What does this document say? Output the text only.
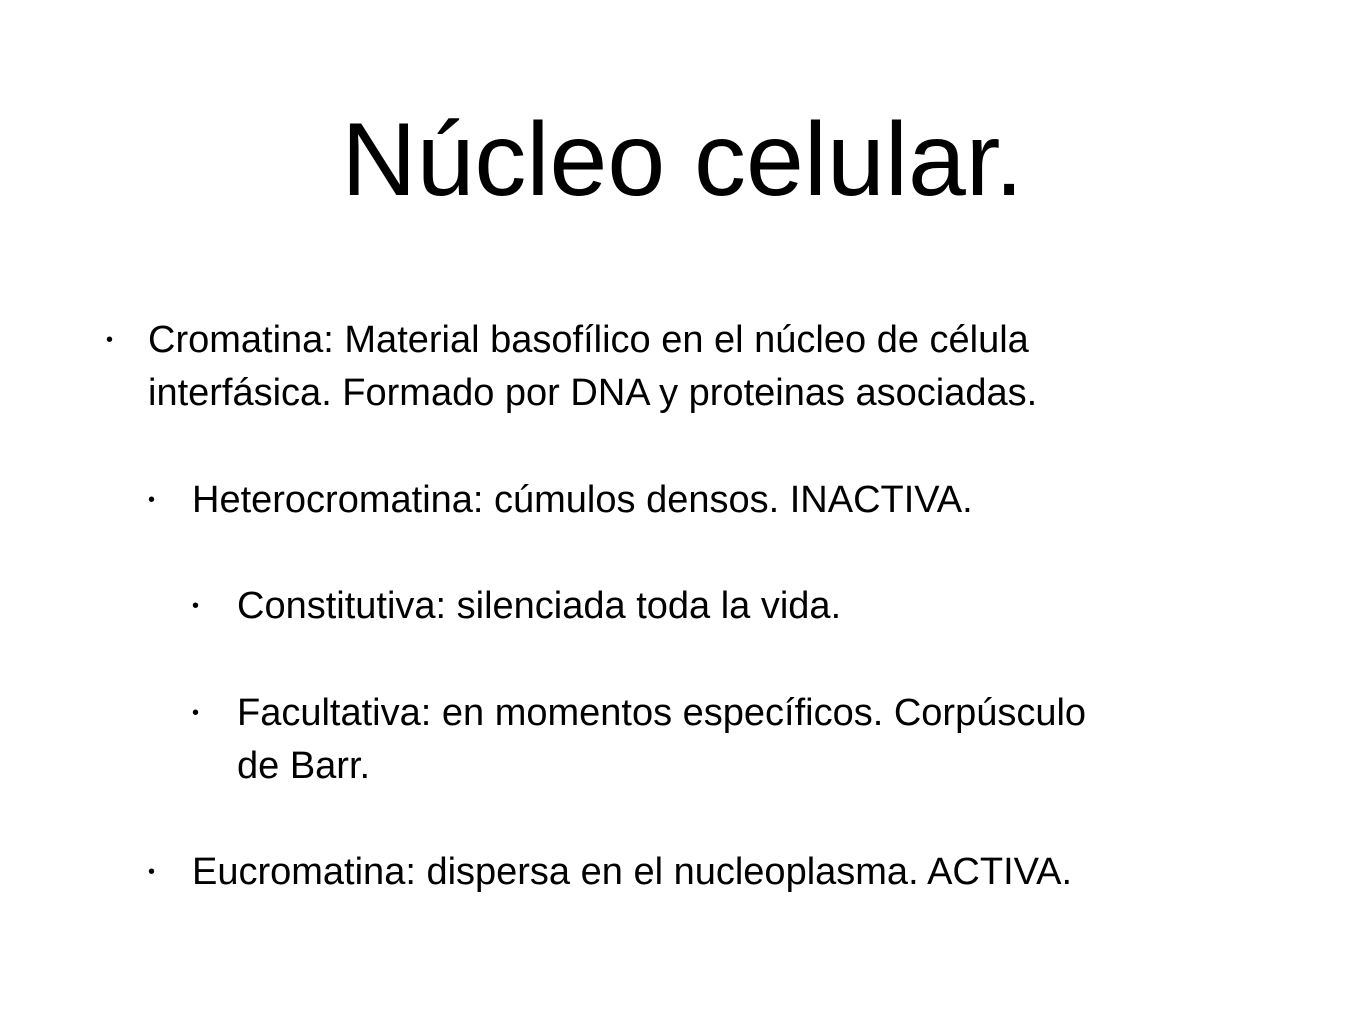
Núcleo celular.
• Cromatina: Material basofílico en el núcleo de célula
interfásica. Formado por DNA y proteinas asociadas.
• Heterocromatina: cúmulos densos. INACTIVA.
• Constitutiva: silenciada toda la vida.
• Facultativa: en momentos específicos. Corpúsculo
de Barr.
• Eucromatina: dispersa en el nucleoplasma. ACTIVA.
